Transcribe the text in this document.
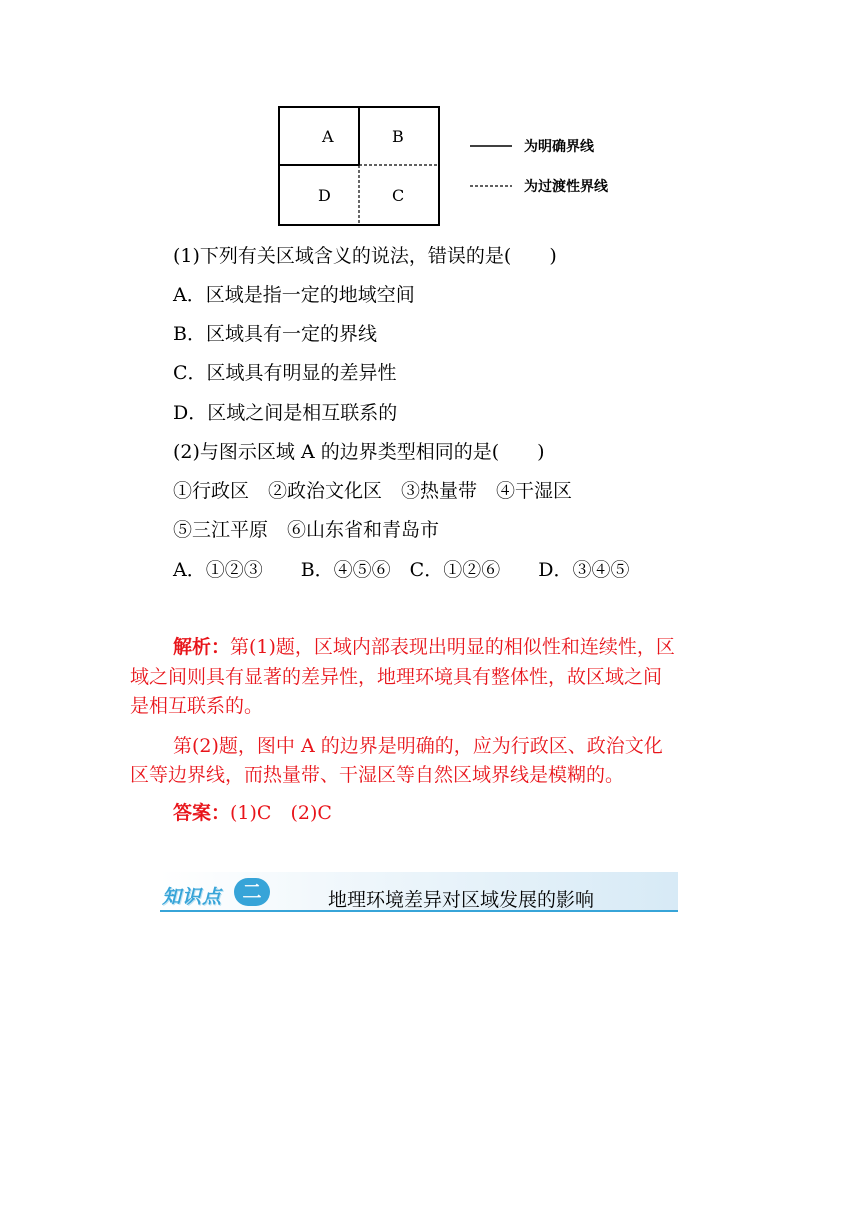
A	B
D	C
为明确界线
为过渡性界线
(1)下列有关区域含义的说法，错误的是(　　)
A．区域是指一定的地域空间
B．区域具有一定的界线
C．区域具有明显的差异性
D．区域之间是相互联系的
(2)与图示区域 A 的边界类型相同的是(　　)
①行政区　②政治文化区　③热量带　④干湿区
⑤三江平原　⑥山东省和青岛市
A．①②③　　B．④⑤⑥　C．①②⑥　　D．③④⑤
解析：第(1)题，区域内部表现出明显的相似性和连续性，区
域之间则具有显著的差异性，地理环境具有整体性，故区域之间
是相互联系的。
第(2)题，图中 A 的边界是明确的，应为行政区、政治文化
区等边界线，而热量带、干湿区等自然区域界线是模糊的。
答案：(1)C　(2)C
知识点	二	地理环境差异对区域发展的影响
